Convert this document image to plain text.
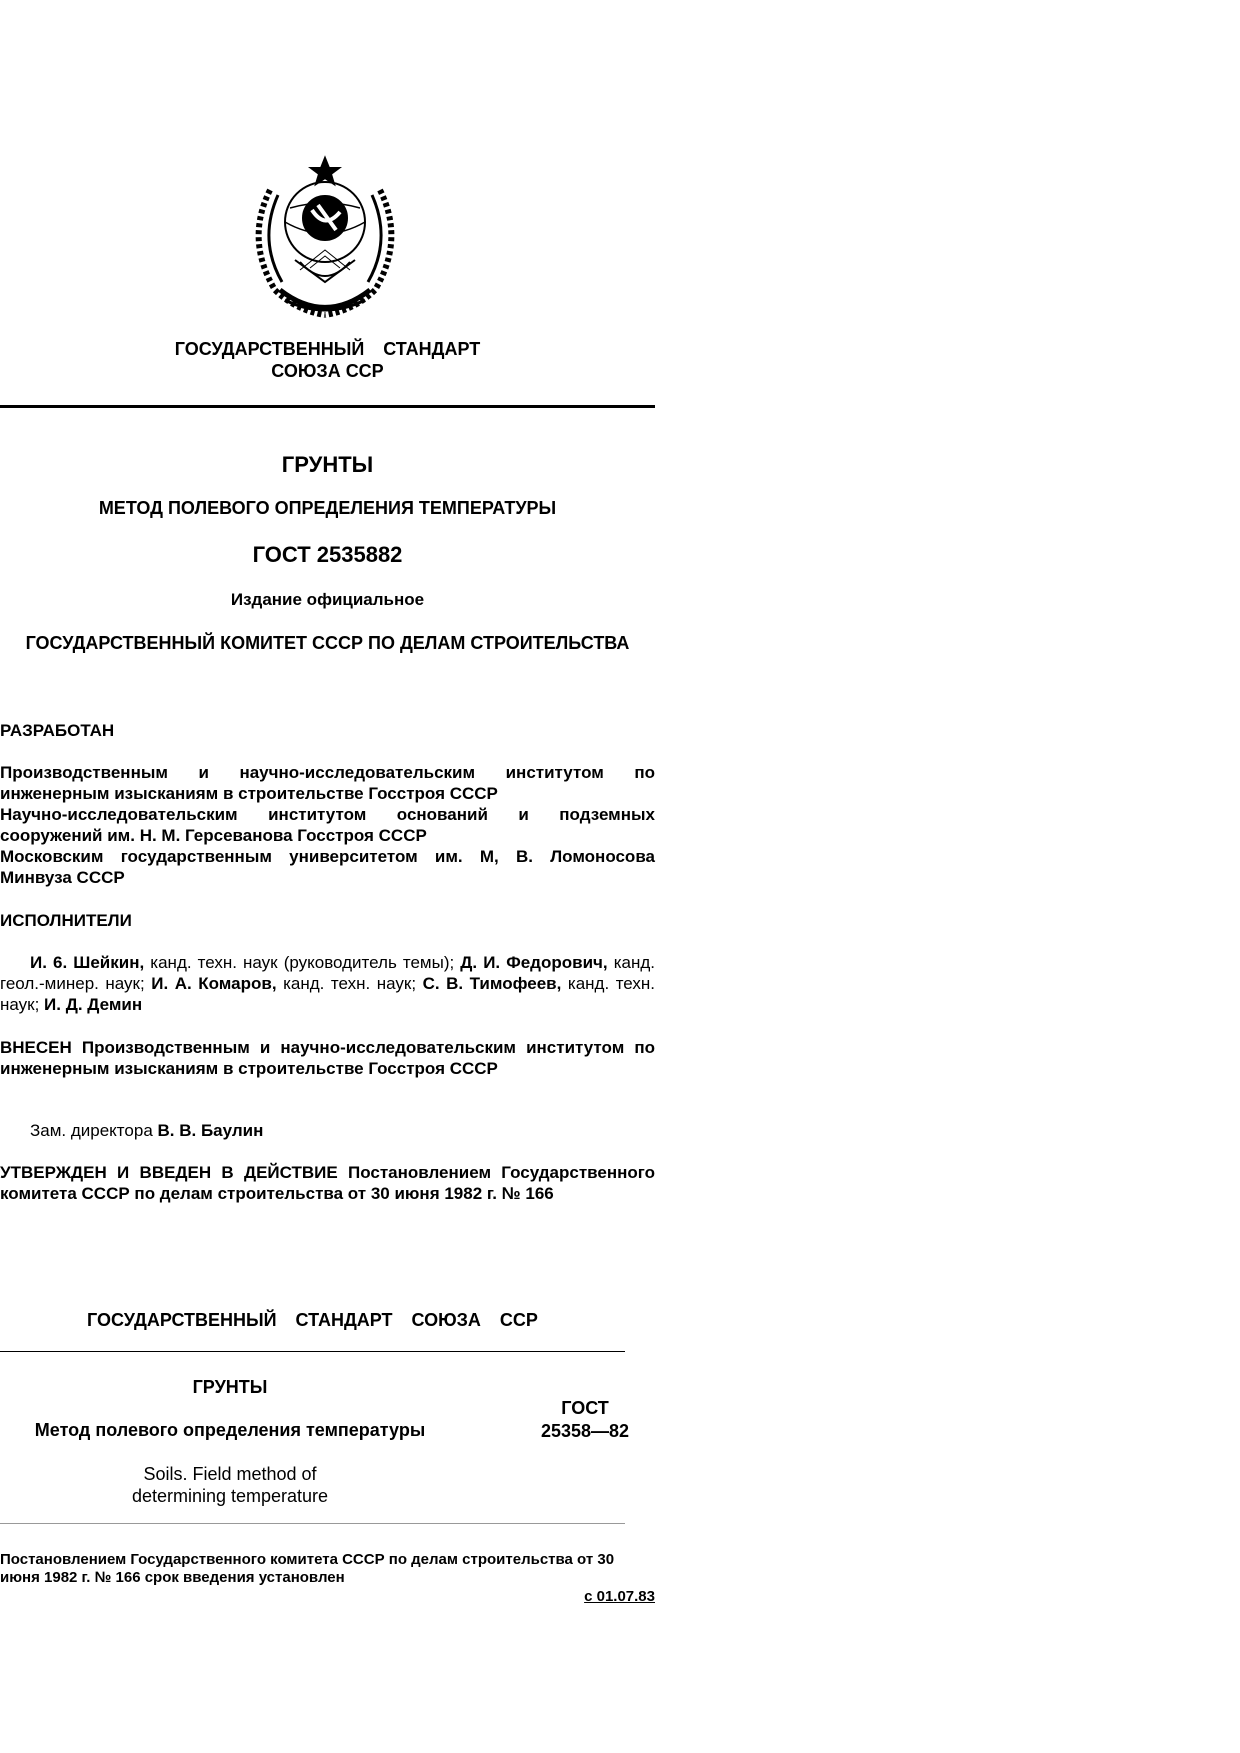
ГОСУДАРСТВЕННЫЙ СТАНДАРТ
СОЮЗА ССР
ГРУНТЫ
МЕТОД ПОЛЕВОГО ОПРЕДЕЛЕНИЯ ТЕМПЕРАТУРЫ
ГОСТ 2535882
Издание официальное
ГОСУДАРСТВЕННЫЙ КОМИТЕТ СССР ПО ДЕЛАМ СТРОИТЕЛЬСТВА
РАЗРАБОТАН
Производственным и научно-исследовательским институтом по инженерным изысканиям в строительстве Госстроя СССР
Научно-исследовательским институтом оснований и подземных сооружений им. Н. М. Герсеванова Госстроя СССР
Московским государственным университетом им. М, В. Ломоносова Минвуза СССР
ИСПОЛНИТЕЛИ
И. 6. Шейкин, канд. техн. наук (руководитель темы); Д. И. Федорович, канд. геол.-минер. наук; И. А. Комаров, канд. техн. наук; С. В. Тимофеев, канд. техн. наук; И. Д. Демин
ВНЕСЕН Производственным и научно-исследовательским институтом по инженерным изысканиям в строительстве Госстроя СССР
Зам. директора В. В. Баулин
УТВЕРЖДЕН И ВВЕДЕН В ДЕЙСТВИЕ Постановлением Государственного комитета СССР по делам строительства от 30 июня 1982 г. № 166
ГОСУДАРСТВЕННЫЙ СТАНДАРТ СОЮЗА ССР
ГРУНТЫ
Метод полевого определения температуры
Soils. Field method of
determining temperature
ГОСТ
25358—82
Постановлением Государственного комитета СССР по делам строительства от 30 июня 1982 г. № 166 срок введения установлен
с 01.07.83
